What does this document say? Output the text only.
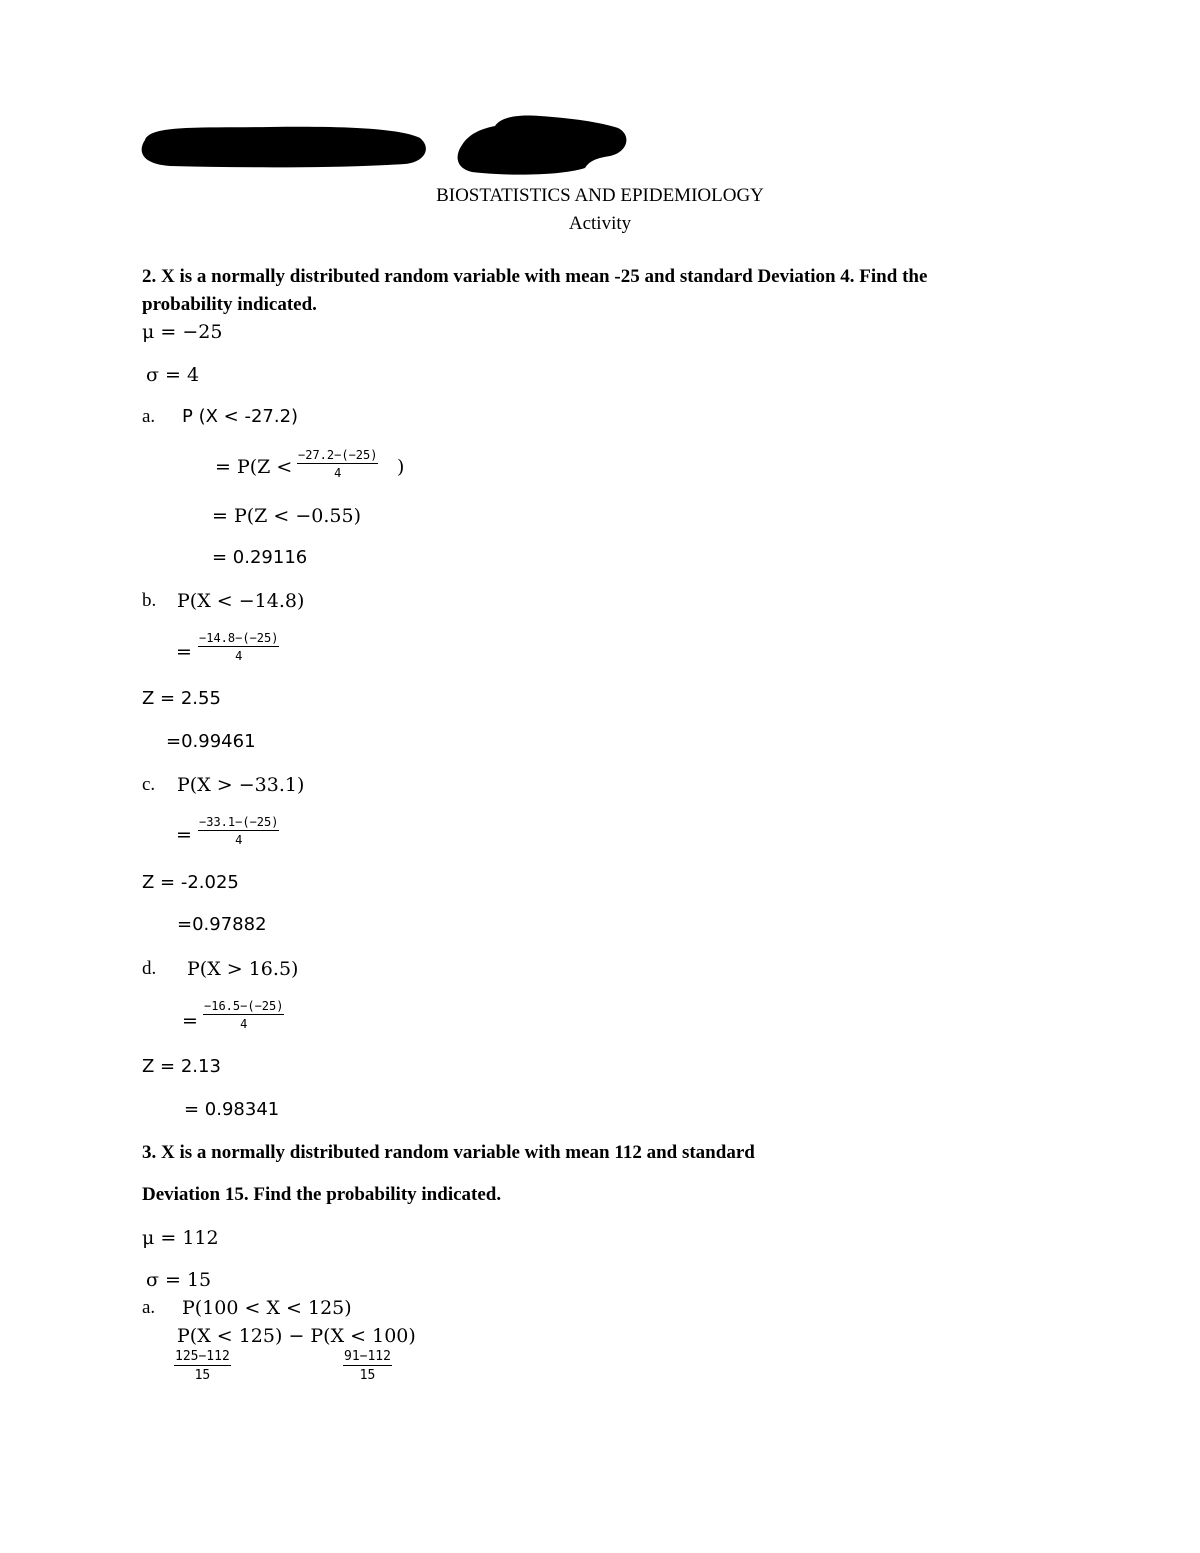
BIOSTATISTICS AND EPIDEMIOLOGY
Activity
2. X is a normally distributed random variable with mean -25 and standard Deviation 4. Find the
probability indicated.
μ = −25
σ = 4
a. P (X < -27.2)
= $P(Z < \frac{-27.2-(-25)}{4}$ )
= P(Z < −0.55)
= 0.29116
b. P(X < −14.8)
= $\frac{-14.8-(-25)}{4}$
Z = 2.55
=0.99461
c. P(X > −33.1)
= $\frac{-33.1-(-25)}{4}$
Z = -2.025
=0.97882
d. P(X > 16.5)
= $\frac{-16.5-(-25)}{4}$
Z = 2.13
= 0.98341
3. X is a normally distributed random variable with mean 112 and standard
Deviation 15. Find the probability indicated.
μ = 112
σ = 15
a. P(100 < X < 125)
P(X < 125) − P(X < 100)
$\frac{125-112}{15}$	$\frac{91-112}{15}$
